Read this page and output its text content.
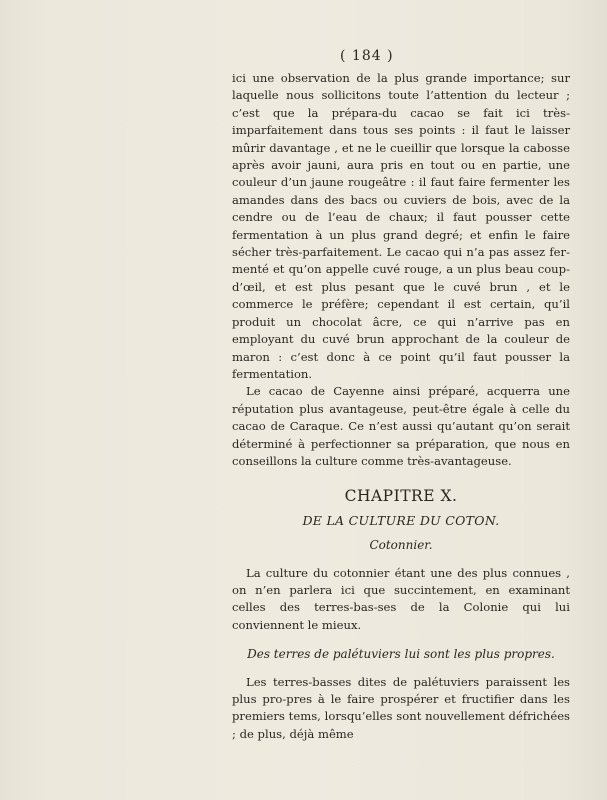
( 184 )

ici une observation de la plus grande importance; sur laquelle nous sollicitons toute l’attention du lecteur ; c’est que la prépara-du cacao se fait ici très-imparfaitement dans tous ses points : il faut le laisser mûrir davantage , et ne le cueillir que lorsque la cabosse après avoir jauni, aura pris en tout ou en partie, une couleur d’un jaune rougeâtre : il faut faire fermenter les amandes dans des bacs ou cuviers de bois, avec de la cendre ou de l’eau de chaux; il faut pousser cette fermentation à un plus grand degré; et enfin le faire sécher très-parfaitement. Le cacao qui n’a pas assez fer-menté et qu’on appelle cuvé rouge, a un plus beau coup-d’œil, et est plus pesant que le cuvé brun , et le commerce le préfère; cependant il est certain, qu’il produit un chocolat âcre, ce qui n’arrive pas en employant du cuvé brun approchant de la couleur de maron : c’est donc à ce point qu’il faut pousser la fermentation.

Le cacao de Cayenne ainsi préparé, acquerra une réputation plus avantageuse, peut-être égale à celle du cacao de Caraque. Ce n’est aussi qu’autant qu’on serait déterminé à perfectionner sa préparation, que nous en conseillons la culture comme très-avantageuse.

CHAPITRE X.
DE LA CULTURE DU COTON.
Cotonnier.

La culture du cotonnier étant une des plus connues , on n’en parlera ici que succintement, en examinant celles des terres-bas-ses de la Colonie qui lui conviennent le mieux.

Des terres de palétuviers lui sont les plus propres.

Les terres-basses dites de palétuviers paraissent les plus pro-pres à le faire prospérer et fructifier dans les premiers tems, lorsqu’elles sont nouvellement défrichées ; de plus, déjà même
